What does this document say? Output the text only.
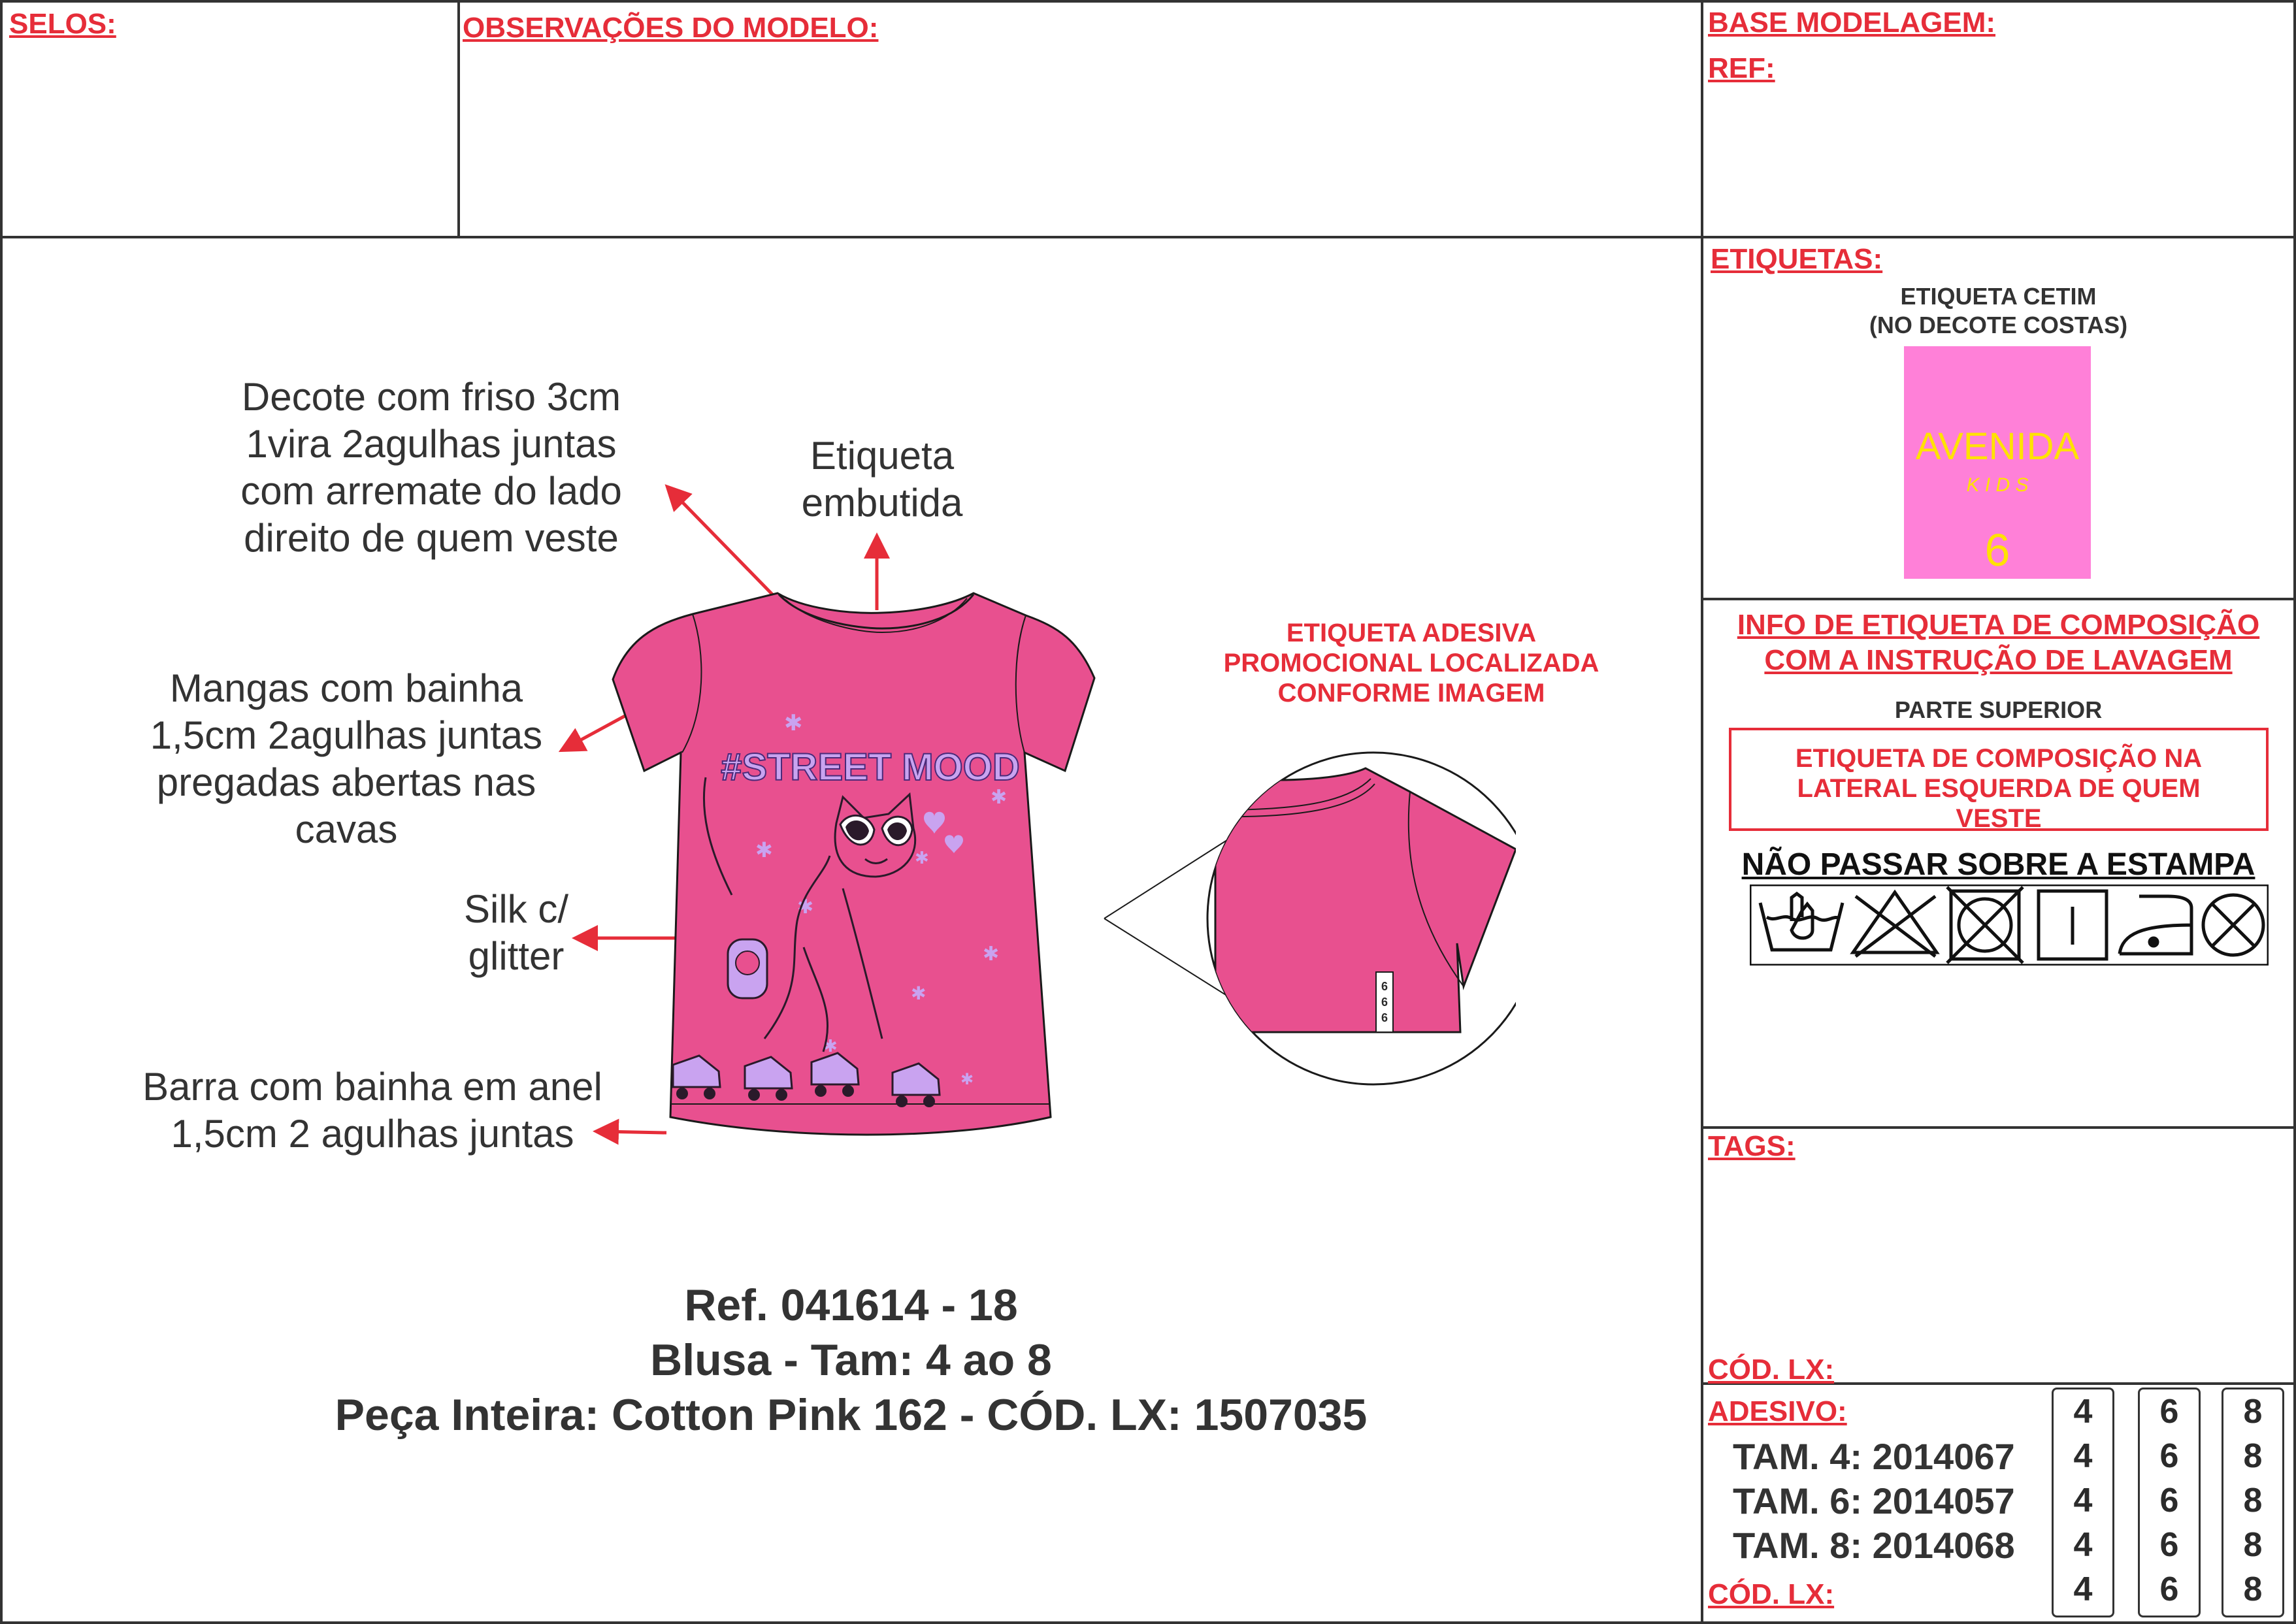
SELOS:	OBSERVAÇÕES DO MODELO:	BASE MODELAGEM:
REF:
Decote com friso 3cm
1vira 2agulhas juntas
com arremate do lado
direito de quem veste
Etiqueta
embutida
Mangas com bainha
1,5cm 2agulhas juntas
pregadas abertas nas
cavas
Silk c/
glitter
Barra com bainha em anel
1,5cm 2 agulhas juntas
ETIQUETA ADESIVA
PROMOCIONAL LOCALIZADA
CONFORME IMAGEM
#STREET MOOD
✱
✱
✱
✱
✱
✱
✱
✱
✱
6
6
6
Ref. 041614 - 18
Blusa - Tam: 4 ao 8
Peça Inteira: Cotton Pink 162 - CÓD. LX: 1507035
ETIQUETAS:
ETIQUETA CETIM
(NO DECOTE COSTAS)
AVENIDA
K I D S
6
INFO DE ETIQUETA DE COMPOSIÇÃO
COM A INSTRUÇÃO DE LAVAGEM
PARTE SUPERIOR
ETIQUETA DE COMPOSIÇÃO NA
LATERAL ESQUERDA DE QUEM
VESTE
NÃO PASSAR SOBRE A ESTAMPA
TAGS:
CÓD. LX:
ADESIVO:
TAM. 4: 2014067
TAM. 6: 2014057
TAM. 8: 2014068
CÓD. LX:
4
4
4
4
4
6
6
6
6
6
8
8
8
8
8
